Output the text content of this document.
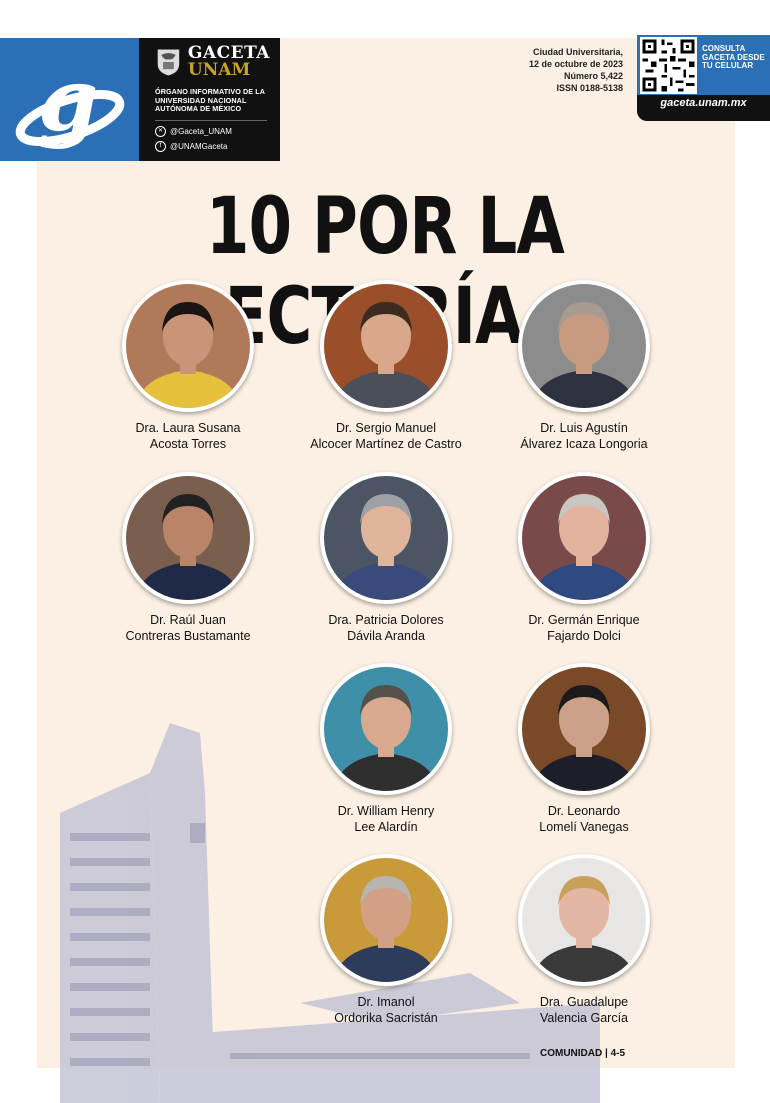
g	GACETA
UNAM
ÓRGANO INFORMATIVO DE LA UNIVERSIDAD NACIONAL AUTÓNOMA DE MÉXICO
✕ @Gaceta_UNAM
f	@UNAMGaceta
Ciudad Universitaria,
12 de octubre de 2023
Número 5,422
ISSN 0188-5138
CONSULTA GACETA DESDE TU CELULAR
gaceta.unam.mx
10 POR LA
Dra. Laura Susana
Acosta Torres
Dr. Sergio Manuel
Alcocer Martínez de Castro
Dr. Luis Agustín
Álvarez Icaza Longoria
Dr. Raúl Juan
Contreras Bustamante
Dra. Patricia Dolores
Dávila Aranda
Dr. Germán Enrique
Fajardo Dolci
Dr. William Henry
Lee Alardín
Dr. Leonardo
Lomelí Vanegas
Dr. Imanol
Ordorika Sacristán
Dra. Guadalupe
Valencia García
COMUNIDAD | 4-5
